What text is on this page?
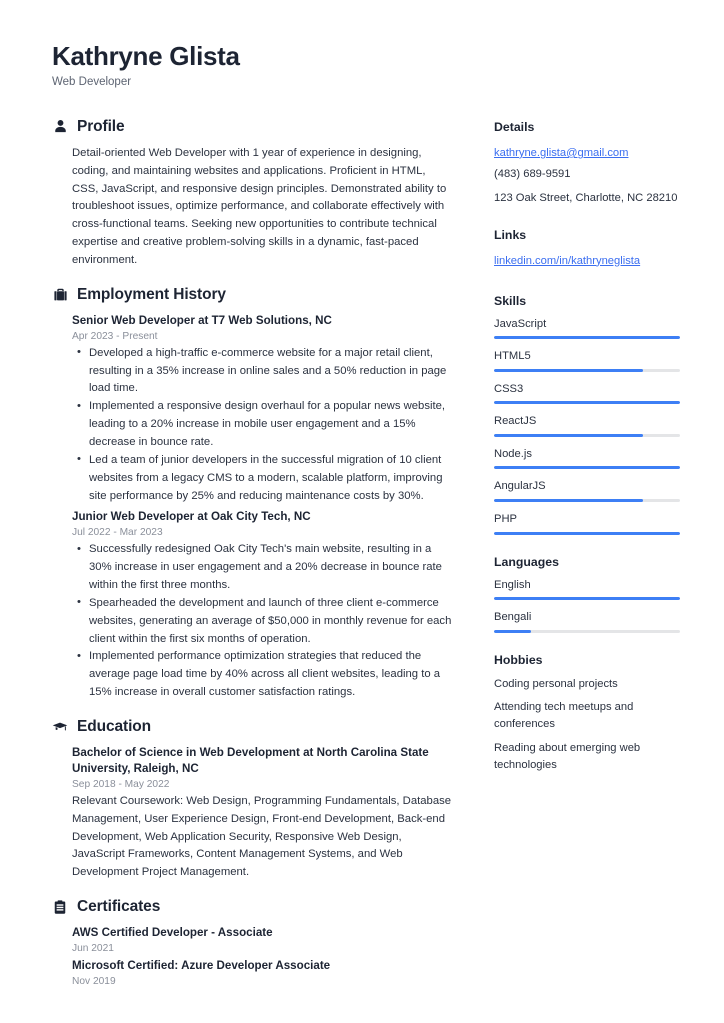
Kathryne Glista
Web Developer
Profile
Detail-oriented Web Developer with 1 year of experience in designing, coding, and maintaining websites and applications. Proficient in HTML, CSS, JavaScript, and responsive design principles. Demonstrated ability to troubleshoot issues, optimize performance, and collaborate effectively with cross-functional teams. Seeking new opportunities to contribute technical expertise and creative problem-solving skills in a dynamic, fast-paced environment.
Employment History
Senior Web Developer at T7 Web Solutions, NC
Apr 2023 - Present
• Developed a high-traffic e-commerce website for a major retail client, resulting in a 35% increase in online sales and a 50% reduction in page load time.
• Implemented a responsive design overhaul for a popular news website, leading to a 20% increase in mobile user engagement and a 15% decrease in bounce rate.
• Led a team of junior developers in the successful migration of 10 client websites from a legacy CMS to a modern, scalable platform, improving site performance by 25% and reducing maintenance costs by 30%.
Junior Web Developer at Oak City Tech, NC
Jul 2022 - Mar 2023
• Successfully redesigned Oak City Tech's main website, resulting in a 30% increase in user engagement and a 20% decrease in bounce rate within the first three months.
• Spearheaded the development and launch of three client e-commerce websites, generating an average of $50,000 in monthly revenue for each client within the first six months of operation.
• Implemented performance optimization strategies that reduced the average page load time by 40% across all client websites, leading to a 15% increase in overall customer satisfaction ratings.
Education
Bachelor of Science in Web Development at North Carolina State University, Raleigh, NC
Sep 2018 - May 2022
Relevant Coursework: Web Design, Programming Fundamentals, Database Management, User Experience Design, Front-end Development, Back-end Development, Web Application Security, Responsive Web Design, JavaScript Frameworks, Content Management Systems, and Web Development Project Management.
Certificates
AWS Certified Developer - Associate
Jun 2021
Microsoft Certified: Azure Developer Associate
Nov 2019
Details
kathryne.glista@gmail.com
(483) 689-9591
123 Oak Street, Charlotte, NC 28210
Links
linkedin.com/in/kathryneglista
Skills
JavaScript
HTML5
CSS3
ReactJS
Node.js
AngularJS
PHP
Languages
English
Bengali
Hobbies
Coding personal projects
Attending tech meetups and conferences
Reading about emerging web technologies
